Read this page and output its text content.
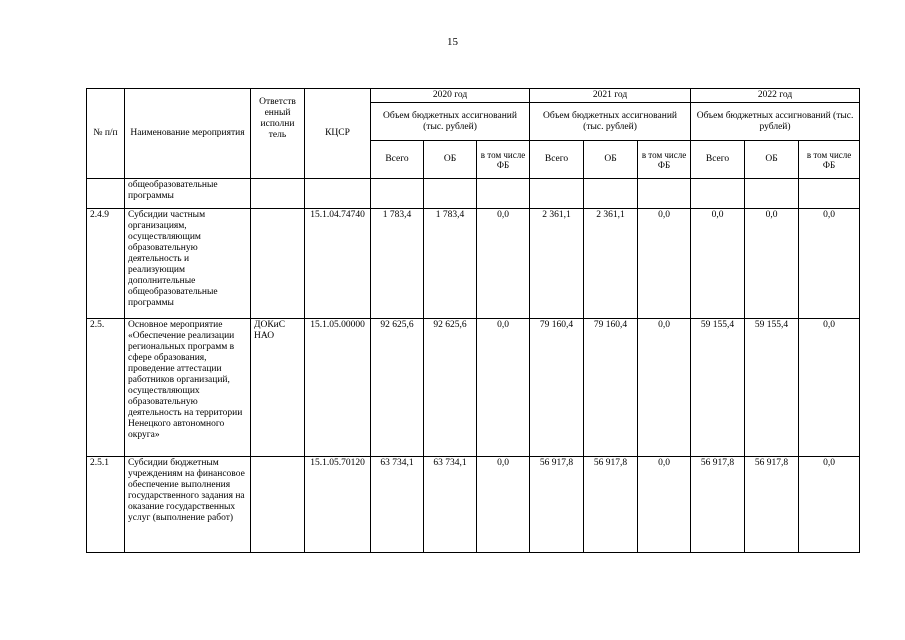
15
№ п/п	Наименование мероприятия	Ответств енный исполни тель	КЦСР	2020 год			2021 год			2022 год		
				Объем бюджетных ассигнований (тыс. рублей)			Объем бюджетных ассигнований (тыс. рублей)			Объем бюджетных ассигнований (тыс. рублей)		
				Всего	ОБ	в том числе ФБ	Всего	ОБ	в том числе ФБ	Всего	ОБ	в том числе ФБ
	общеобразовательные программы											
2.4.9	Субсидии частным организациям, осуществляющим образовательную деятельность и реализующим дополнительные общеобразовательные программы		15.1.04.74740	1 783,4	1 783,4	0,0	2 361,1	2 361,1	0,0	0,0	0,0	0,0
2.5.	Основное мероприятие «Обеспечение реализации региональных программ в сфере образования, проведение аттестации работников организаций, осуществляющих образовательную деятельность на территории Ненецкого автономного округа»	ДОКиС НАО	15.1.05.00000	92 625,6	92 625,6	0,0	79 160,4	79 160,4	0,0	59 155,4	59 155,4	0,0
2.5.1	Субсидии бюджетным учреждениям на финансовое обеспечение выполнения государственного задания на оказание государственных услуг (выполнение работ)		15.1.05.70120	63 734,1	63 734,1	0,0	56 917,8	56 917,8	0,0	56 917,8	56 917,8	0,0
